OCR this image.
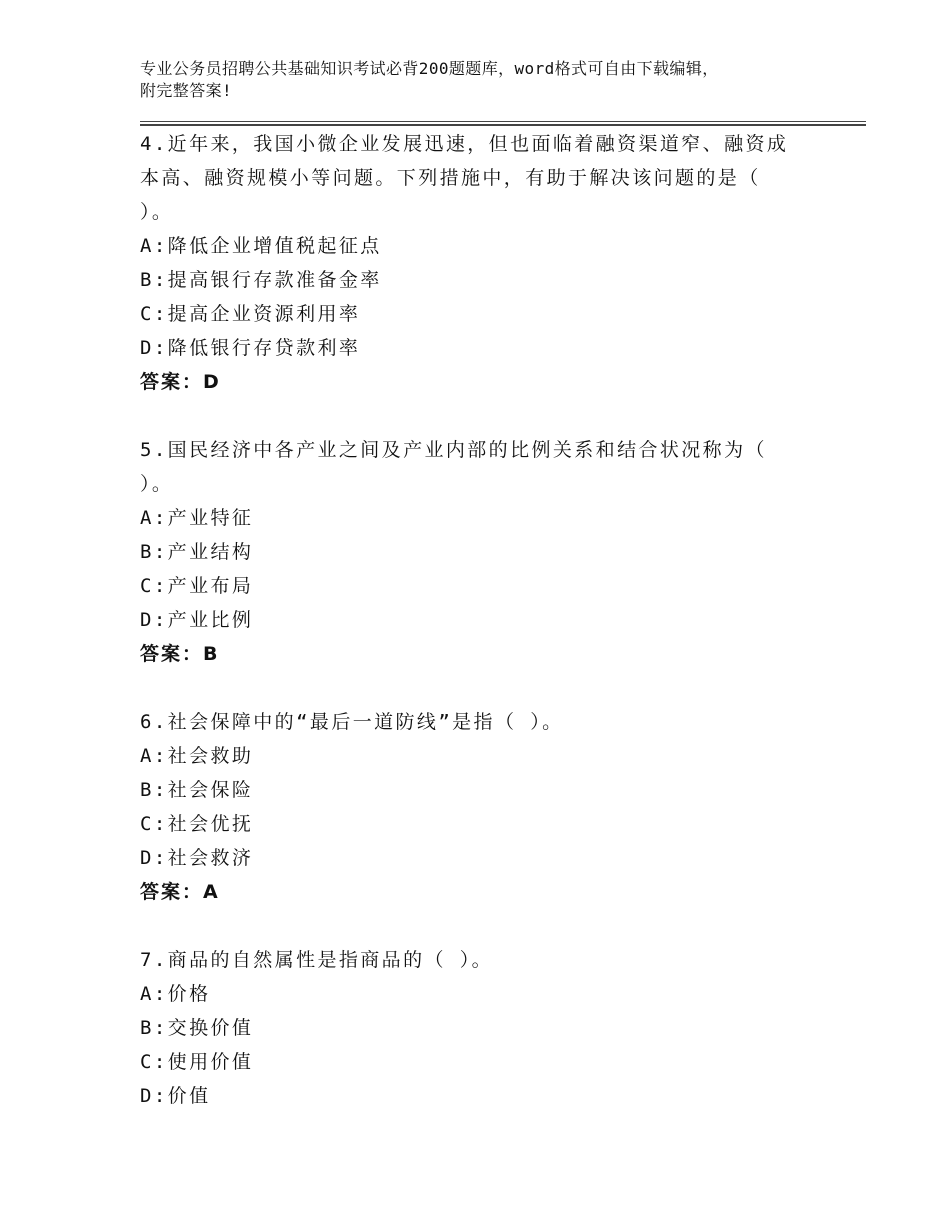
专业公务员招聘公共基础知识考试必背200题题库，word格式可自由下载编辑，
附完整答案!
4.近年来，我国小微企业发展迅速，但也面临着融资渠道窄、融资成本高、融资规模小等问题。下列措施中，有助于解决该问题的是（ ）。
A:降低企业增值税起征点
B:提高银行存款准备金率
C:提高企业资源利用率
D:降低银行存贷款利率
答案：D
5.国民经济中各产业之间及产业内部的比例关系和结合状况称为（ ）。
A:产业特征
B:产业结构
C:产业布局
D:产业比例
答案：B
6.社会保障中的“最后一道防线”是指（ ）。
A:社会救助
B:社会保险
C:社会优抚
D:社会救济
答案：A
7.商品的自然属性是指商品的（ ）。
A:价格
B:交换价值
C:使用价值
D:价值
